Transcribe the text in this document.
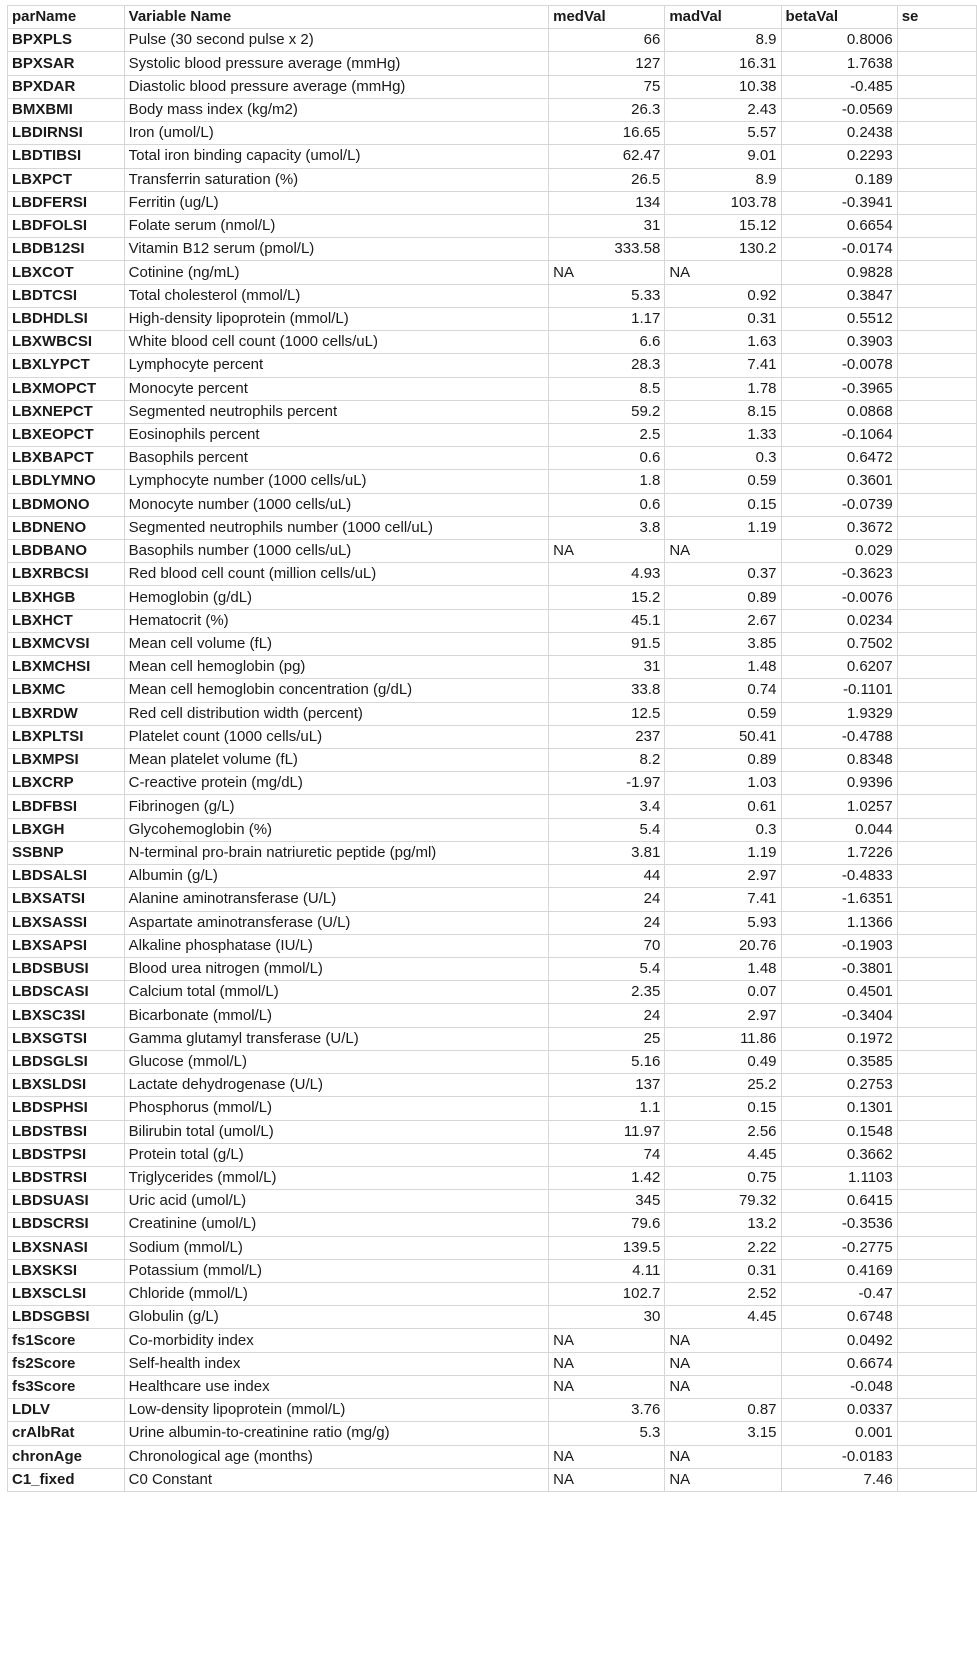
parName	Variable Name	medVal	madVal	betaVal	se
BPXPLS	Pulse (30 second pulse x 2)	66	8.9	0.8006	
BPXSAR	Systolic blood pressure average (mmHg)	127	16.31	1.7638	
BPXDAR	Diastolic blood pressure average (mmHg)	75	10.38	-0.485	
BMXBMI	Body mass index (kg/m2)	26.3	2.43	-0.0569	
LBDIRNSI	Iron (umol/L)	16.65	5.57	0.2438	
LBDTIBSI	Total iron binding capacity (umol/L)	62.47	9.01	0.2293	
LBXPCT	Transferrin saturation (%)	26.5	8.9	0.189	
LBDFERSI	Ferritin (ug/L)	134	103.78	-0.3941	
LBDFOLSI	Folate serum (nmol/L)	31	15.12	0.6654	
LBDB12SI	Vitamin B12 serum (pmol/L)	333.58	130.2	-0.0174	
LBXCOT	Cotinine (ng/mL)	NA	NA	0.9828	
LBDTCSI	Total cholesterol (mmol/L)	5.33	0.92	0.3847	
LBDHDLSI	High-density lipoprotein (mmol/L)	1.17	0.31	0.5512	
LBXWBCSI	White blood cell count (1000 cells/uL)	6.6	1.63	0.3903	
LBXLYPCT	Lymphocyte percent	28.3	7.41	-0.0078	
LBXMOPCT	Monocyte percent	8.5	1.78	-0.3965	
LBXNEPCT	Segmented neutrophils percent	59.2	8.15	0.0868	
LBXEOPCT	Eosinophils percent	2.5	1.33	-0.1064	
LBXBAPCT	Basophils percent	0.6	0.3	0.6472	
LBDLYMNO	Lymphocyte number (1000 cells/uL)	1.8	0.59	0.3601	
LBDMONO	Monocyte number (1000 cells/uL)	0.6	0.15	-0.0739	
LBDNENO	Segmented neutrophils number (1000 cell/uL)	3.8	1.19	0.3672	
LBDBANO	Basophils number (1000 cells/uL)	NA	NA	0.029	
LBXRBCSI	Red blood cell count (million cells/uL)	4.93	0.37	-0.3623	
LBXHGB	Hemoglobin (g/dL)	15.2	0.89	-0.0076	
LBXHCT	Hematocrit (%)	45.1	2.67	0.0234	
LBXMCVSI	Mean cell volume (fL)	91.5	3.85	0.7502	
LBXMCHSI	Mean cell hemoglobin (pg)	31	1.48	0.6207	
LBXMC	Mean cell hemoglobin concentration (g/dL)	33.8	0.74	-0.1101	
LBXRDW	Red cell distribution width (percent)	12.5	0.59	1.9329	
LBXPLTSI	Platelet count (1000 cells/uL)	237	50.41	-0.4788	
LBXMPSI	Mean platelet volume (fL)	8.2	0.89	0.8348	
LBXCRP	C-reactive protein (mg/dL)	-1.97	1.03	0.9396	
LBDFBSI	Fibrinogen (g/L)	3.4	0.61	1.0257	
LBXGH	Glycohemoglobin (%)	5.4	0.3	0.044	
SSBNP	N-terminal pro-brain natriuretic peptide (pg/ml)	3.81	1.19	1.7226	
LBDSALSI	Albumin (g/L)	44	2.97	-0.4833	
LBXSATSI	Alanine aminotransferase (U/L)	24	7.41	-1.6351	
LBXSASSI	Aspartate aminotransferase (U/L)	24	5.93	1.1366	
LBXSAPSI	Alkaline phosphatase (IU/L)	70	20.76	-0.1903	
LBDSBUSI	Blood urea nitrogen (mmol/L)	5.4	1.48	-0.3801	
LBDSCASI	Calcium total (mmol/L)	2.35	0.07	0.4501	
LBXSC3SI	Bicarbonate (mmol/L)	24	2.97	-0.3404	
LBXSGTSI	Gamma glutamyl transferase (U/L)	25	11.86	0.1972	
LBDSGLSI	Glucose (mmol/L)	5.16	0.49	0.3585	
LBXSLDSI	Lactate dehydrogenase (U/L)	137	25.2	0.2753	
LBDSPHSI	Phosphorus (mmol/L)	1.1	0.15	0.1301	
LBDSTBSI	Bilirubin total (umol/L)	11.97	2.56	0.1548	
LBDSTPSI	Protein total (g/L)	74	4.45	0.3662	
LBDSTRSI	Triglycerides (mmol/L)	1.42	0.75	1.1103	
LBDSUASI	Uric acid (umol/L)	345	79.32	0.6415	
LBDSCRSI	Creatinine (umol/L)	79.6	13.2	-0.3536	
LBXSNASI	Sodium (mmol/L)	139.5	2.22	-0.2775	
LBXSKSI	Potassium (mmol/L)	4.11	0.31	0.4169	
LBXSCLSI	Chloride (mmol/L)	102.7	2.52	-0.47	
LBDSGBSI	Globulin (g/L)	30	4.45	0.6748	
fs1Score	Co-morbidity index	NA	NA	0.0492	
fs2Score	Self-health index	NA	NA	0.6674	
fs3Score	Healthcare use index	NA	NA	-0.048	
LDLV	Low-density lipoprotein (mmol/L)	3.76	0.87	0.0337	
crAlbRat	Urine albumin-to-creatinine ratio (mg/g)	5.3	3.15	0.001	
chronAge	Chronological age (months)	NA	NA	-0.0183	
C1_fixed	C0 Constant	NA	NA	7.46	
